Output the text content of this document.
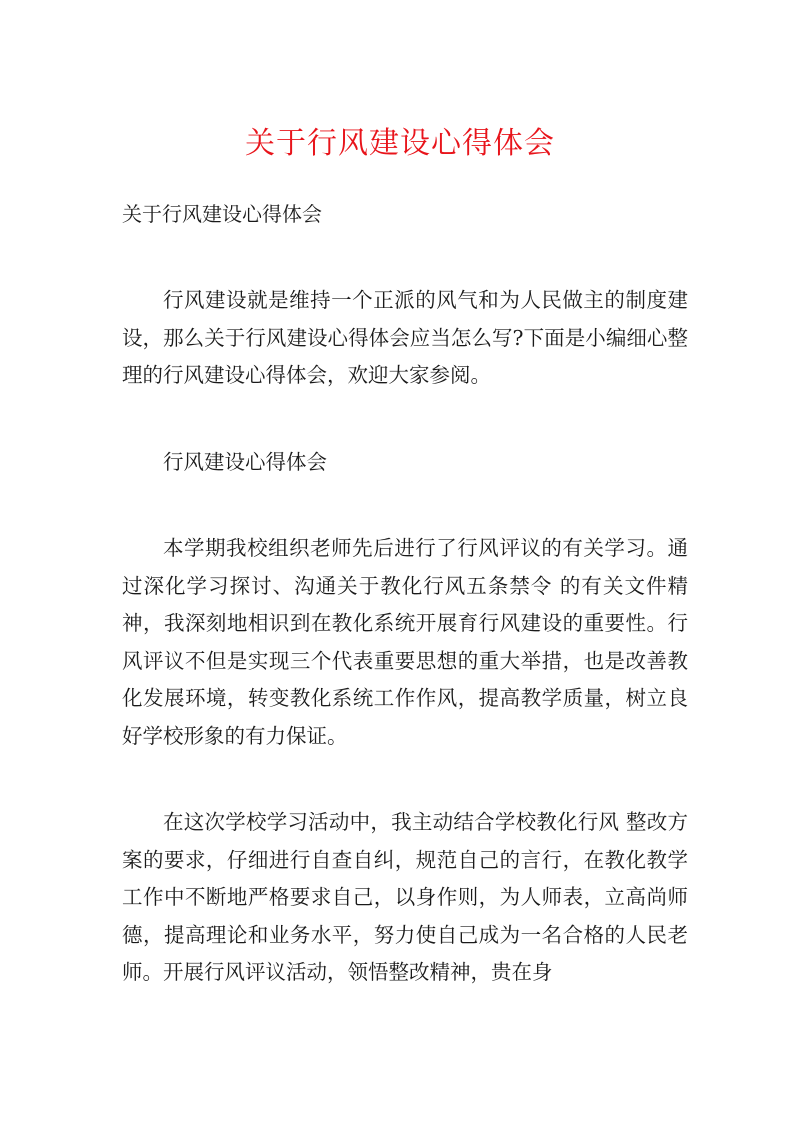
关于行风建设心得体会

关于行风建设心得体会

行风建设就是维持一个正派的风气和为人民做主的制度建设，那么关于行风建设心得体会应当怎么写?下面是小编细心整理的行风建设心得体会，欢迎大家参阅。

行风建设心得体会

本学期我校组织老师先后进行了行风评议的有关学习。通过深化学习探讨、沟通关于教化行风五条禁令 的有关文件精神，我深刻地相识到在教化系统开展育行风建设的重要性。行风评议不但是实现三个代表重要思想的重大举措，也是改善教化发展环境，转变教化系统工作作风，提高教学质量，树立良好学校形象的有力保证。

在这次学校学习活动中，我主动结合学校教化行风 整改方案的要求，仔细进行自查自纠，规范自己的言行，在教化教学工作中不断地严格要求自己，以身作则，为人师表，立高尚师德，提高理论和业务水平，努力使自己成为一名合格的人民老师。开展行风评议活动，领悟整改精神，贵在身
